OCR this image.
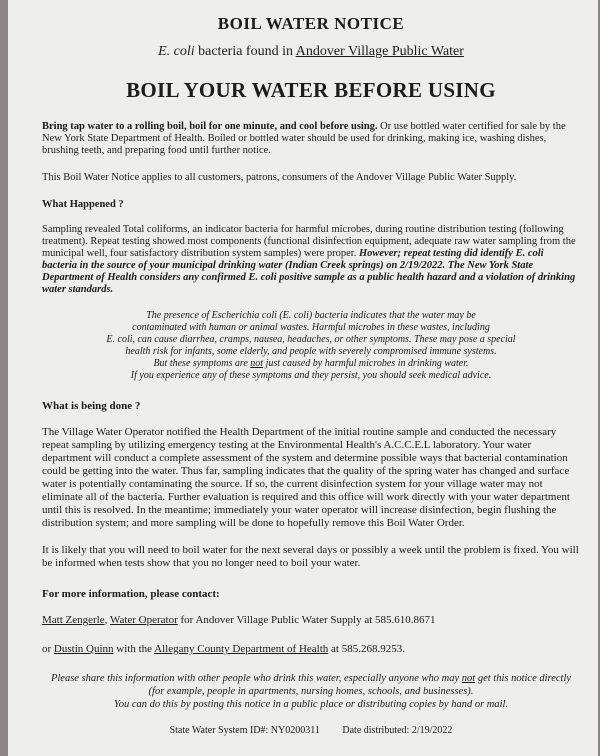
BOIL WATER NOTICE
E. coli bacteria found in Andover Village Public Water
BOIL YOUR WATER BEFORE USING

Bring tap water to a rolling boil, boil for one minute, and cool before using. Or use bottled water certified for sale by the New York State Department of Health. Boiled or bottled water should be used for drinking, making ice, washing dishes, brushing teeth, and preparing food until further notice.

This Boil Water Notice applies to all customers, patrons, consumers of the Andover Village Public Water Supply.

What Happened ?

Sampling revealed Total coliforms, an indicator bacteria for harmful microbes, during routine distribution testing (following treatment). Repeat testing showed most components (functional disinfection equipment, adequate raw water sampling from the municipal well, four satisfactory distribution system samples) were proper. However; repeat testing did identify E. coli bacteria in the source of your municipal drinking water (Indian Creek springs) on 2/19/2022. The New York State Department of Health considers any confirmed E. coli positive sample as a public health hazard and a violation of drinking water standards.

The presence of Escherichia coli (E. coli) bacteria indicates that the water may be
contaminated with human or animal wastes. Harmful microbes in these wastes, including
E. coli, can cause diarrhea, cramps, nausea, headaches, or other symptoms. These may pose a special
health risk for infants, some elderly, and people with severely compromised immune systems.
But these symptoms are not just caused by harmful microbes in drinking water.
If you experience any of these symptoms and they persist, you should seek medical advice.

What is being done ?

The Village Water Operator notified the Health Department of the initial routine sample and conducted the necessary repeat sampling by utilizing emergency testing at the Environmental Health's A.C.C.E.L laboratory. Your water department will conduct a complete assessment of the system and determine possible ways that bacterial contamination could be getting into the water. Thus far, sampling indicates that the quality of the spring water has changed and surface water is potentially contaminating the source. If so, the current disinfection system for your village water may not eliminate all of the bacteria. Further evaluation is required and this office will work directly with your water department until this is resolved. In the meantime; immediately your water operator will increase disinfection, begin flushing the distribution system; and more sampling will be done to hopefully remove this Boil Water Order.

It is likely that you will need to boil water for the next several days or possibly a week until the problem is fixed. You will be informed when tests show that you no longer need to boil your water.

For more information, please contact:

Matt Zengerle, Water Operator for Andover Village Public Water Supply at 585.610.8671

or Dustin Quinn with the Allegany County Department of Health at 585.268.9253.

Please share this information with other people who drink this water, especially anyone who may not get this notice directly (for example, people in apartments, nursing homes, schools, and businesses).
You can do this by posting this notice in a public place or distributing copies by hand or mail.
State Water System ID#: NY0200311 Date distributed: 2/19/2022
